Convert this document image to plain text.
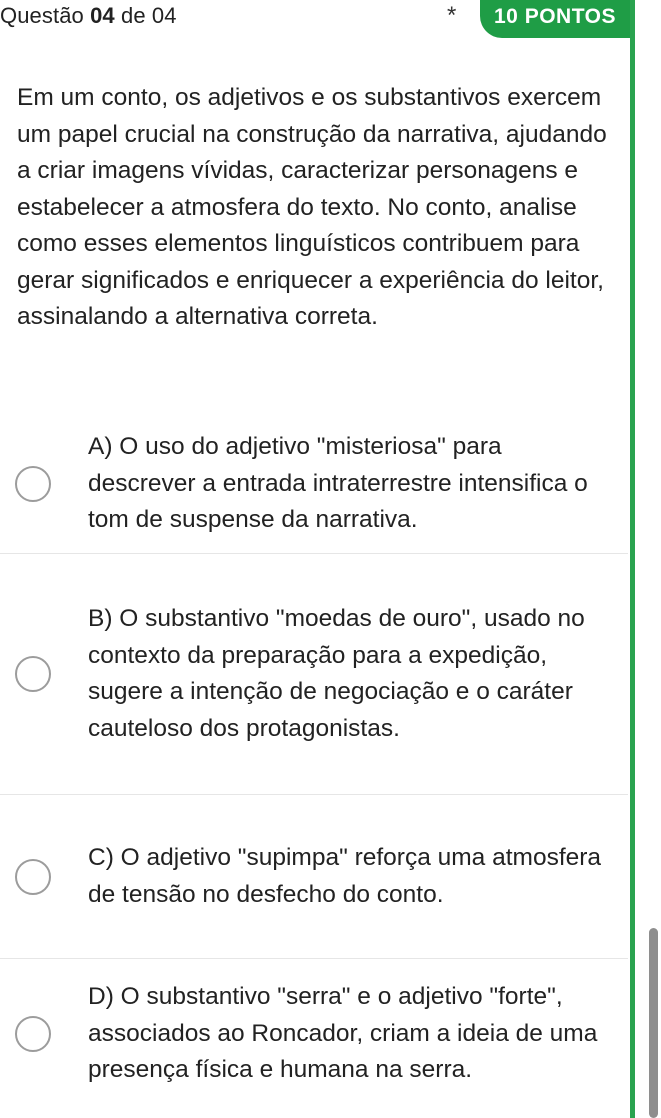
Questão 04 de 04	*	10 PONTOS
Em um conto, os adjetivos e os substantivos exercem um papel crucial na construção da narrativa, ajudando a criar imagens vívidas, caracterizar personagens e estabelecer a atmosfera do texto. No conto, analise como esses elementos linguísticos contribuem para gerar significados e enriquecer a experiência do leitor, assinalando a alternativa correta.
A) O uso do adjetivo "misteriosa" para descrever a entrada intraterrestre intensifica o tom de suspense da narrativa.
B) O substantivo "moedas de ouro", usado no contexto da preparação para a expedição, sugere a intenção de negociação e o caráter cauteloso dos protagonistas.
C) O adjetivo "supimpa" reforça uma atmosfera de tensão no desfecho do conto.
D) O substantivo "serra" e o adjetivo "forte", associados ao Roncador, criam a ideia de uma presença física e humana na serra.
